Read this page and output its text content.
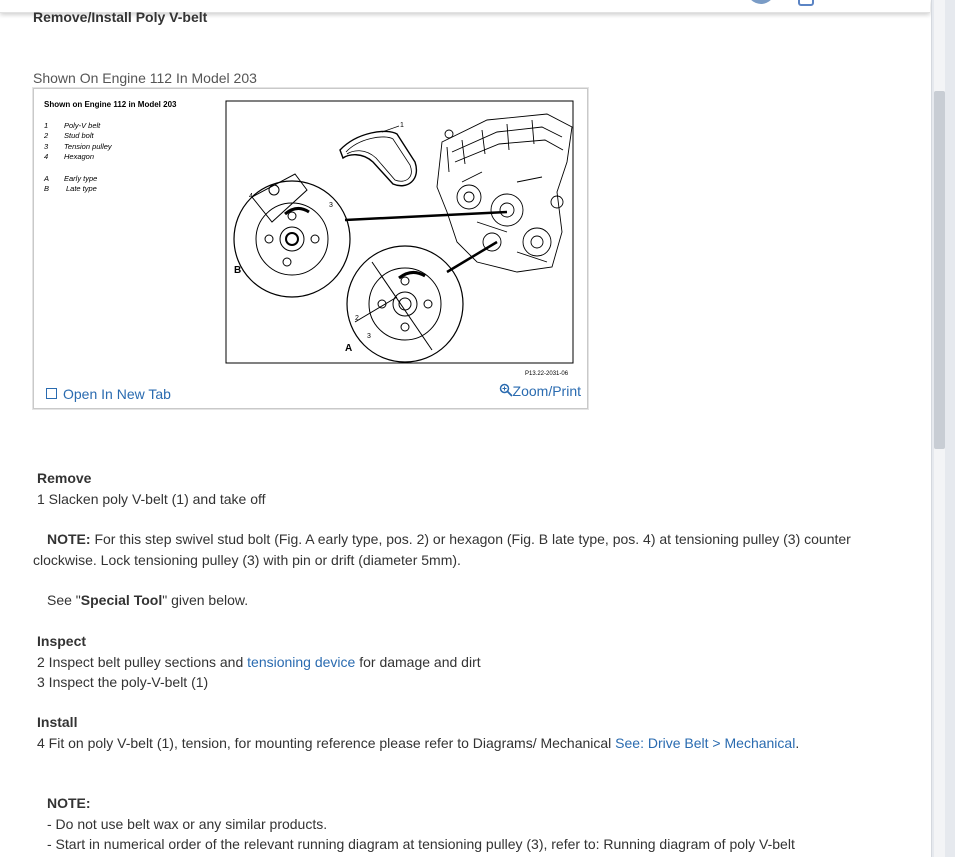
Remove/Install Poly V-belt
Shown On Engine 112 In Model 203
Shown on Engine 112 in Model 203
1 Poly-V belt
2 Stud bolt
3 Tension pulley
4 Hexagon
A Early type
B Late type
1
B
4
3
A
2
3
P13.22-2031-06
Open In New Tab	Zoom/Print
Remove
1 Slacken poly V-belt (1) and take off
NOTE: For this step swivel stud bolt (Fig. A early type, pos. 2) or hexagon (Fig. B late type, pos. 4) at tensioning pulley (3) counter
clockwise. Lock tensioning pulley (3) with pin or drift (diameter 5mm).
See "Special Tool" given below.
Inspect
2 Inspect belt pulley sections and tensioning device for damage and dirt
3 Inspect the poly-V-belt (1)
Install
4 Fit on poly V-belt (1), tension, for mounting reference please refer to Diagrams/ Mechanical See: Drive Belt > Mechanical.
NOTE:
- Do not use belt wax or any similar products.
- Start in numerical order of the relevant running diagram at tensioning pulley (3), refer to: Running diagram of poly V-belt
